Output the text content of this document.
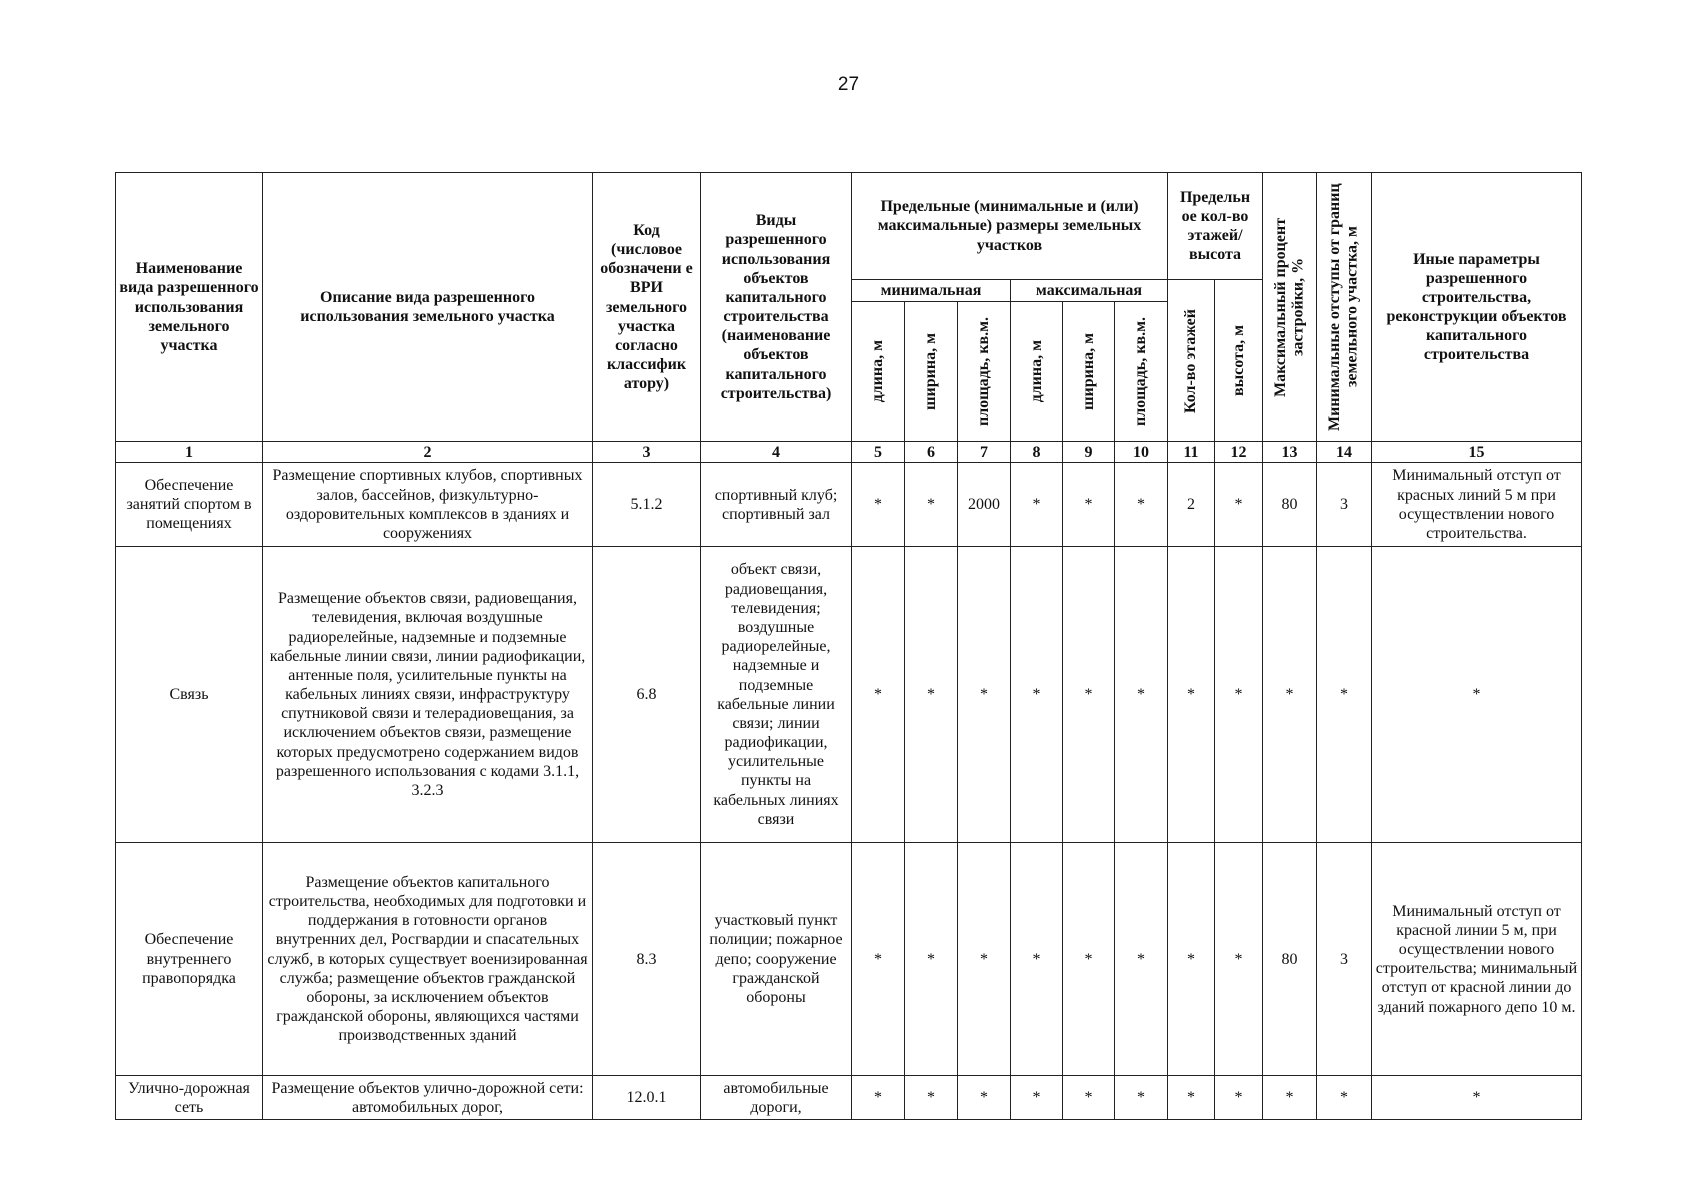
27
Наименование вида разрешенного использования земельного участка	Описание вида разрешенного использования земельного участка	Код (числовое обозначени е ВРИ земельного участка согласно классифик атору)	Виды разрешенного использования объектов капитального строительства (наименование объектов капитального строительства)	Предельные (минимальные и (или) максимальные) размеры земельных участков						Предельн ое кол-во этажей/ высота		Максимальный процент застройки, %	Минимальные отступы от границ земельного участка, м	Иные параметры разрешенного строительства, реконструкции объектов капитального строительства
				минимальная			максимальная			Кол-во этажей	высота, м			

				длина, м	ширина, м	площадь, кв.м.	длина, м	ширина, м	площадь, кв.м.					

1	2	3	4	5	6	7	8	9	10	11	12	13	14	15
Обеспечение занятий спортом в помещениях	Размещение спортивных клубов, спортивных залов, бассейнов, физкультурно-оздоровительных комплексов в зданиях и сооружениях	5.1.2	спортивный клуб; спортивный зал	*	*	2000	*	*	*	2	*	80	3	Минимальный отступ от красных линий 5 м при осуществлении нового строительства.
Связь	Размещение объектов связи, радиовещания, телевидения, включая воздушные радиорелейные, надземные и подземные кабельные линии связи, линии радиофикации, антенные поля, усилительные пункты на кабельных линиях связи, инфраструктуру спутниковой связи и телерадиовещания, за исключением объектов связи, размещение которых предусмотрено содержанием видов разрешенного использования с кодами 3.1.1, 3.2.3	6.8	объект связи, радиовещания, телевидения; воздушные радиорелейные, надземные и подземные кабельные линии связи; линии радиофикации, усилительные пункты на кабельных линиях связи	*	*	*	*	*	*	*	*	*	*	*
Обеспечение внутреннего правопорядка	Размещение объектов капитального строительства, необходимых для подготовки и поддержания в готовности органов внутренних дел, Росгвардии и спасательных служб, в которых существует военизированная служба; размещение объектов гражданской обороны, за исключением объектов гражданской обороны, являющихся частями производственных зданий	8.3	участковый пункт полиции; пожарное депо; сооружение гражданской обороны	*	*	*	*	*	*	*	*	80	3	Минимальный отступ от красной линии 5 м, при осуществлении нового строительства; минимальный отступ от красной линии до зданий пожарного депо 10 м.
Улично-дорожная сеть	Размещение объектов улично-дорожной сети: автомобильных дорог,	12.0.1	автомобильные дороги,	*	*	*	*	*	*	*	*	*	*	*
